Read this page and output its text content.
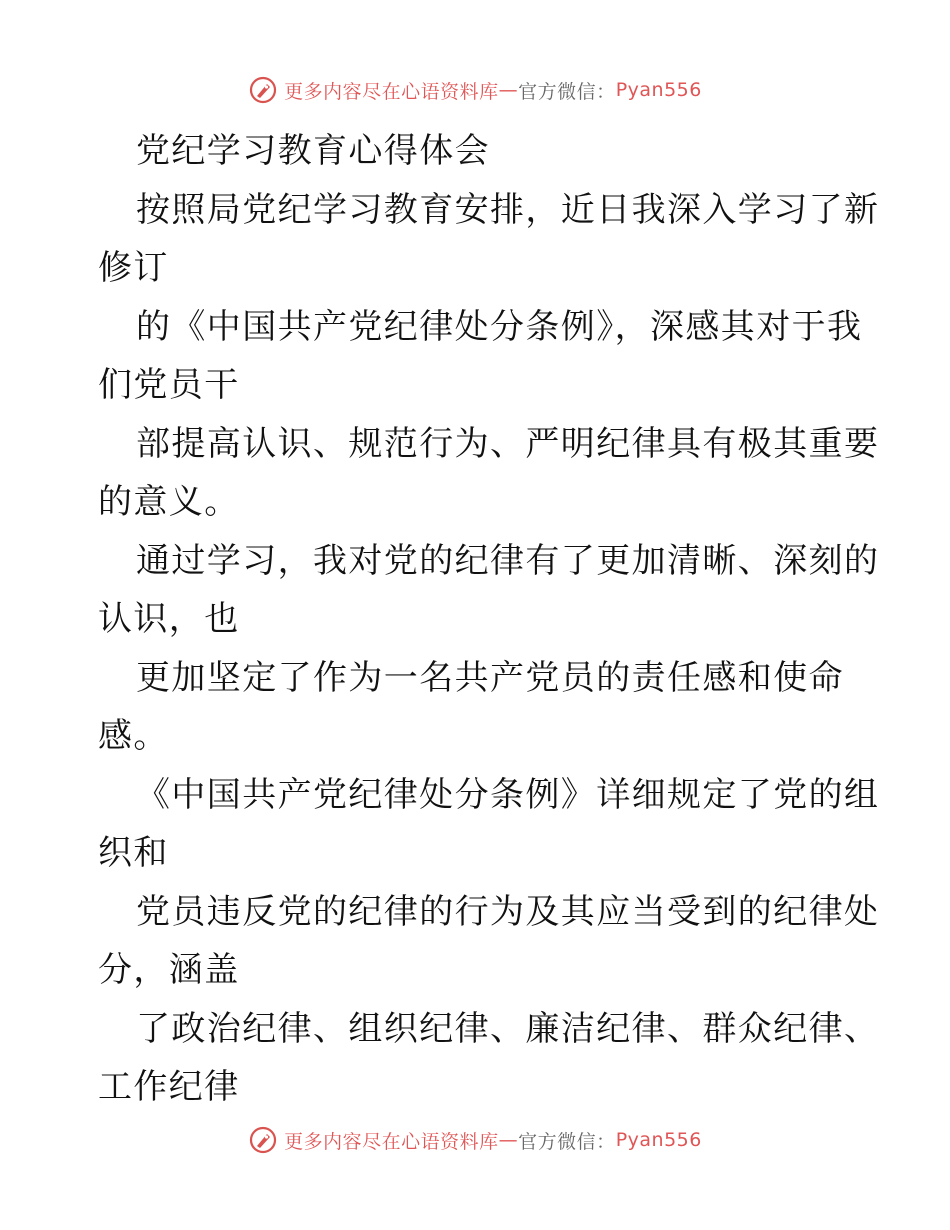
更多内容尽在心语资料库 — 官方微信： Pyan556
党纪学习教育心得体会
按照局党纪学习教育安排，近日我深入学习了新
修订
的《中国共产党纪律处分条例》，深感其对于我
们党员干
部提高认识、规范行为、严明纪律具有极其重要
的意义。
通过学习，我对党的纪律有了更加清晰、深刻的
认识，也
更加坚定了作为一名共产党员的责任感和使命
感。
《中国共产党纪律处分条例》详细规定了党的组
织和
党员违反党的纪律的行为及其应当受到的纪律处
分，涵盖
了政治纪律、组织纪律、廉洁纪律、群众纪律、
工作纪律
更多内容尽在心语资料库 — 官方微信： Pyan556
